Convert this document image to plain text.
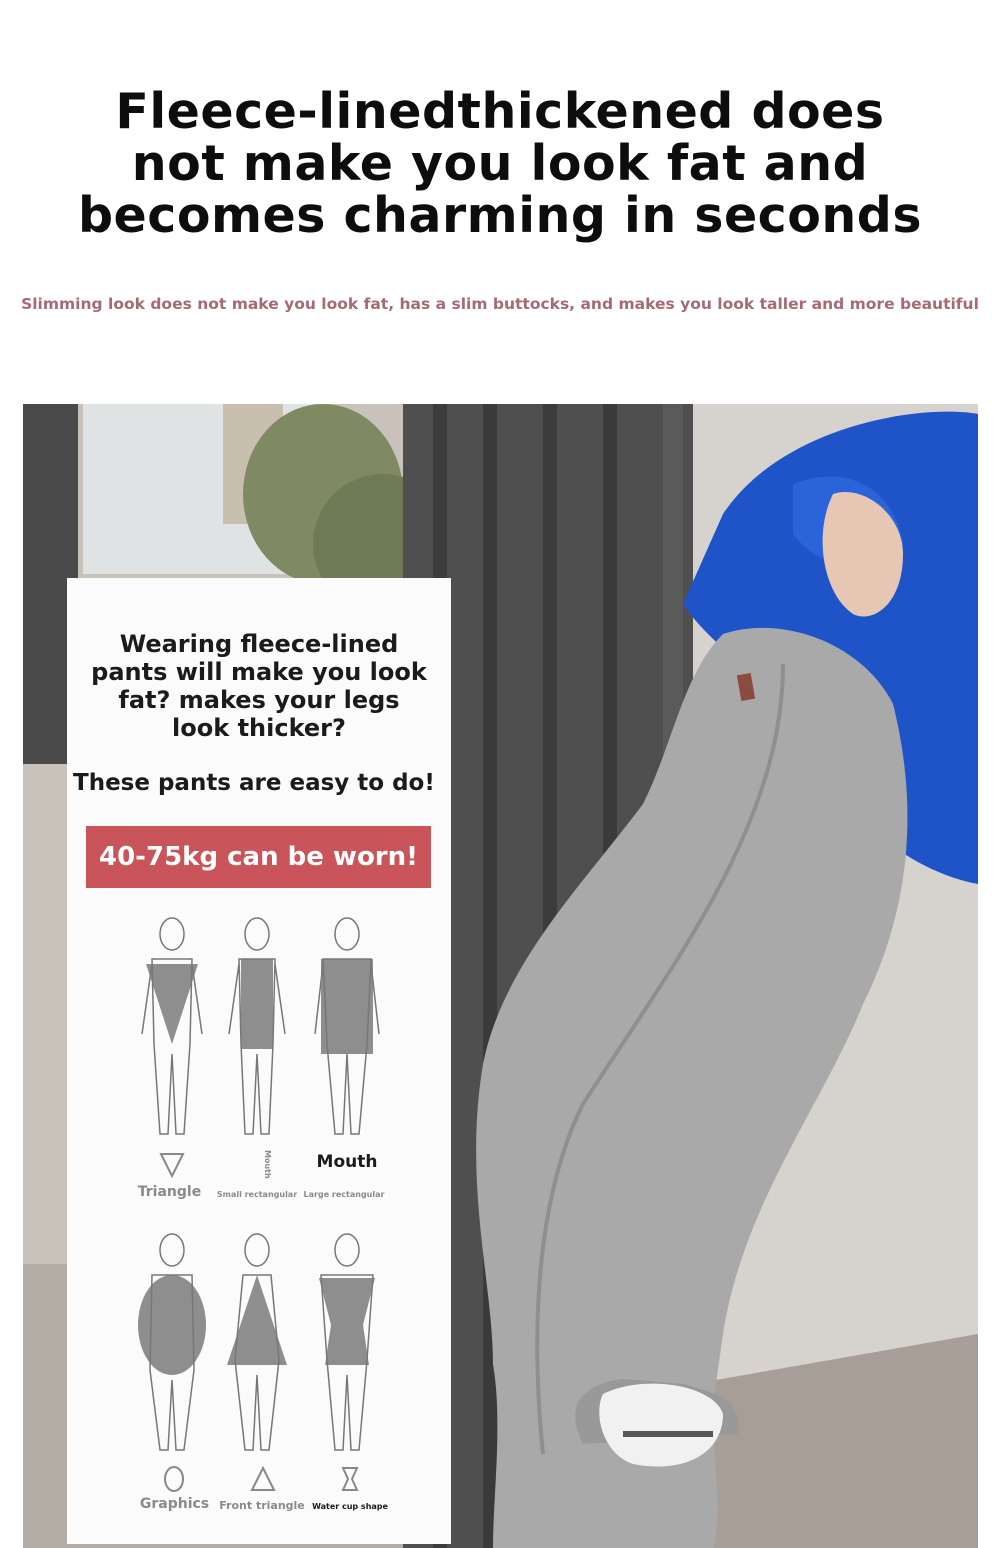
Fleece-linedthickened does not make you look fat and becomes charming in seconds

Slimming look does not make you look fat, has a slim buttocks, and makes you look taller and more beautiful

Wearing fleece-lined pants will make you look fat? makes your legs look thicker?

These pants are easy to do!

40-75kg can be worn!
Mouth	Mouth
Triangle	Small rectangular Large rectangular
Graphics Front triangle Water cup shape
